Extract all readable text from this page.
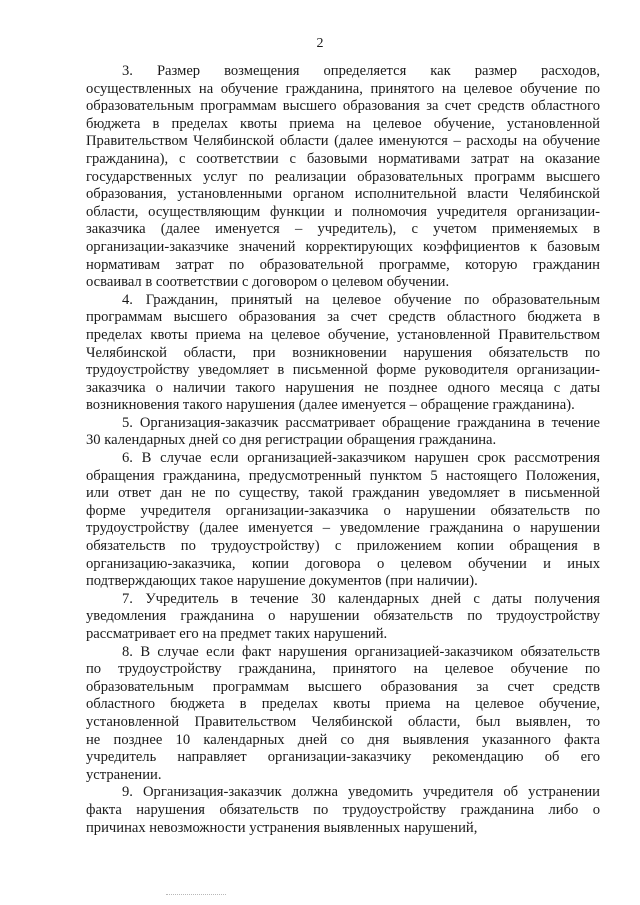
2
3. Размер возмещения определяется как размер расходов,
осуществленных на обучение гражданина, принятого на целевое обучение по
образовательным программам высшего образования за счет средств областного
бюджета в пределах квоты приема на целевое обучение, установленной
Правительством Челябинской области (далее именуются – расходы на обучение
гражданина), с соответствии с базовыми нормативами затрат на оказание
государственных услуг по реализации образовательных программ высшего
образования, установленными органом исполнительной власти Челябинской
области, осуществляющим функции и полномочия учредителя организации-
заказчика (далее именуется – учредитель), с учетом применяемых в
организации-заказчике значений корректирующих коэффициентов к базовым
нормативам затрат по образовательной программе, которую гражданин
осваивал в соответствии с договором о целевом обучении.
4. Гражданин, принятый на целевое обучение по образовательным
программам высшего образования за счет средств областного бюджета в
пределах квоты приема на целевое обучение, установленной Правительством
Челябинской области, при возникновении нарушения обязательств по
трудоустройству уведомляет в письменной форме руководителя организации-
заказчика о наличии такого нарушения не позднее одного месяца с даты
возникновения такого нарушения (далее именуется – обращение гражданина).
5. Организация-заказчик рассматривает обращение гражданина в течение
30 календарных дней со дня регистрации обращения гражданина.
6. В случае если организацией-заказчиком нарушен срок рассмотрения
обращения гражданина, предусмотренный пунктом 5 настоящего Положения,
или ответ дан не по существу, такой гражданин уведомляет в письменной
форме учредителя организации-заказчика о нарушении обязательств по
трудоустройству (далее именуется – уведомление гражданина о нарушении
обязательств по трудоустройству) с приложением копии обращения в
организацию-заказчика, копии договора о целевом обучении и иных
подтверждающих такое нарушение документов (при наличии).
7. Учредитель в течение 30 календарных дней с даты получения
уведомления гражданина о нарушении обязательств по трудоустройству
рассматривает его на предмет таких нарушений.
8. В случае если факт нарушения организацией-заказчиком обязательств
по трудоустройству гражданина, принятого на целевое обучение по
образовательным программам высшего образования за счет средств
областного бюджета в пределах квоты приема на целевое обучение,
установленной Правительством Челябинской области, был выявлен, то
не позднее 10 календарных дней со дня выявления указанного факта
учредитель направляет организации-заказчику рекомендацию об его
устранении.
9. Организация-заказчик должна уведомить учредителя об устранении
факта нарушения обязательств по трудоустройству гражданина либо о
причинах невозможности устранения выявленных нарушений,
